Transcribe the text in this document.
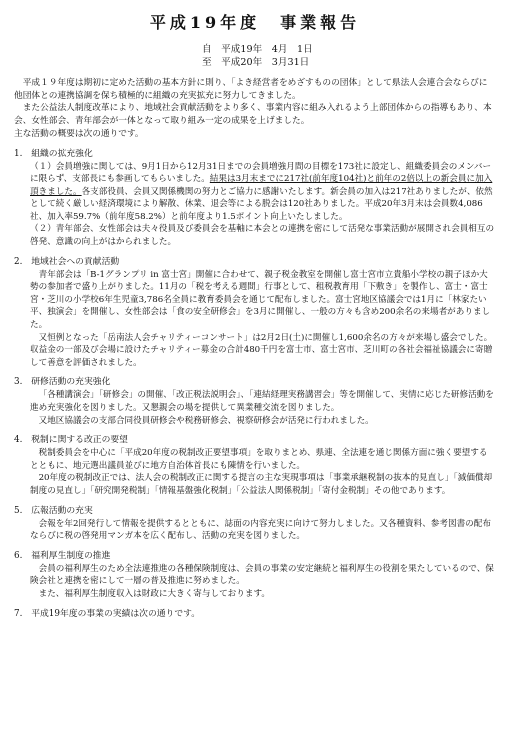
平成19年度　事業報告
自　平成19年　4月　1日
至　平成20年　3月31日

平成１９年度は期初に定めた活動の基本方針に則り、「よき経営者をめざすものの団体」として県法人会連合会ならびに他団体との連携協調を保ち積極的に組織の充実拡充に努力してきました。

また公益法人制度改革により、地域社会貢献活動をより多く、事業内容に組み入れるよう上部団体からの指導もあり、本会、女性部会、青年部会が一体となって取り組み一定の成果を上げました。

主な活動の概要は次の通りです。

1.　組織の拡充強化

（１）会員増強に関しては、9月1日から12月31日までの会員増強月間の目標を173社に設定し、組織委員会のメンバーに限らず、支部長にも参画してもらいました。結果は3月末までに217社(前年度104社)と前年の2倍以上の新会員に加入頂きました。各支部役員、会員又関係機関の努力とご協力に感謝いたします。新会員の加入は217社ありましたが、依然として続く厳しい経済環境により解散、休業、退会等による脱会は120社ありました。平成20年3月末は会員数4,086社、加入率59.7%（前年度58.2%）と前年度より1.5ポイント向上いたしました。

（２）青年部会、女性部会は夫々役員及び委員会を基軸に本会との連携を密にして活発な事業活動が展開され会員相互の啓発、意識の向上がはかられました。

2.　地域社会への貢献活動

青年部会は「B-1グランプリ in 富士宮」開催に合わせて、親子税金教室を開催し富士宮市立貴船小学校の親子ほか大勢の参加者で盛り上がりました。11月の「税を考える週間」行事として、租税教育用「下敷き」を製作し、富士・富士宮・芝川の小学校6年生児童3,786名全員に教育委員会を通じて配布しました。富士宮地区協議会では1月に「林家たい平、独演会」を開催し、女性部会は「食の安全研修会」を3月に開催し、一般の方々も含め200余名の来場者がありました。

又恒例となった「岳南法人会チャリティーコンサート」は2月2日(土)に開催し1,600余名の方々が来場し盛会でした。収益金の一部及び会場に設けたチャリティー募金の合計480千円を富士市、富士宮市、芝川町の各社会福祉協議会に寄贈して善意を評価されました。

3.　研修活動の充実強化

「各種講演会」「研修会」の開催、「改正税法説明会」、「連結経理実務講習会」等を開催して、実情に応じた研修活動を進め充実強化を図りました。又懇親会の場を提供して異業種交流を図りました。

又地区協議会の支部合同役員研修会や税務研修会、視察研修会が活発に行われました。

4.　税制に関する改正の要望

税制委員会を中心に「平成20年度の税制改正要望事項」を取りまとめ、県連、全法連を通じ関係方面に強く要望するとともに、地元選出議員並びに地方自治体首長にも陳情を行いました。

20年度の税制改正では、法人会の税制改正に関する提言の主な実現事項は「事業承継税制の抜本的見直し」「減価償却制度の見直し」「研究開発税制」「情報基盤強化税制」「公益法人関係税制」「寄付金税制」その他であります。

5.　広報活動の充実

会報を年2回発行して情報を提供するとともに、誌面の内容充実に向けて努力しました。又各種資料、参考図書の配布ならびに税の啓発用マンガ本を広く配布し、活動の充実を図りました。

6.　福利厚生制度の推進

会員の福利厚生のため全法連推進の各種保険制度は、会員の事業の安定継続と福利厚生の役割を果たしているので、保険会社と連携を密にして一層の普及推進に努めました。

また、福利厚生制度収入は財政に大きく寄与しております。

7.　平成19年度の事業の実績は次の通りです。
